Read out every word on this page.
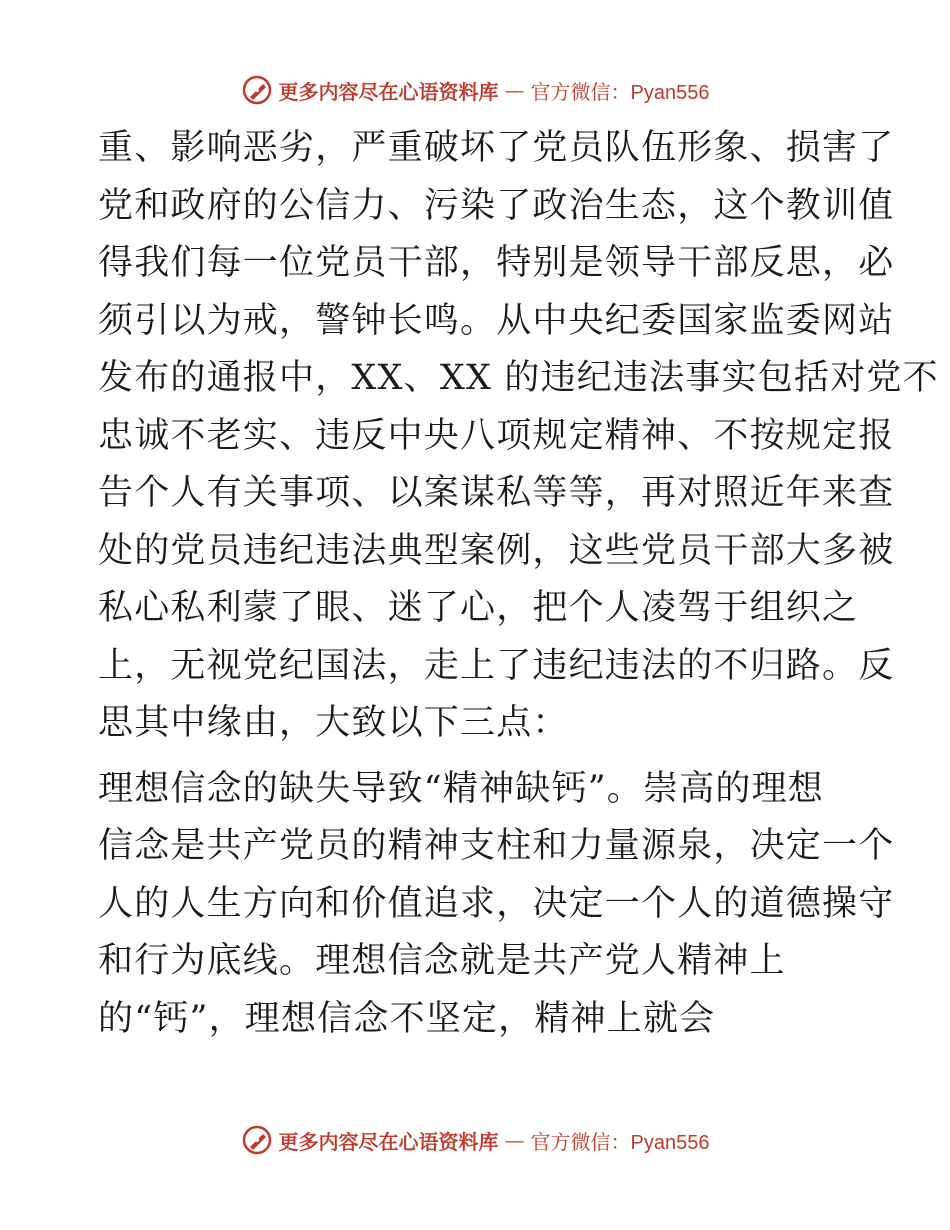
更多内容尽在心语资料库 — 官方微信：Pyan556
重、影响恶劣，严重破坏了党员队伍形象、损害了
党和政府的公信力、污染了政治生态，这个教训值
得我们每一位党员干部，特别是领导干部反思，必
须引以为戒，警钟长鸣。从中央纪委国家监委网站
发布的通报中，XX、XX 的违纪违法事实包括对党不
忠诚不老实、违反中央八项规定精神、不按规定报
告个人有关事项、以案谋私等等，再对照近年来查
处的党员违纪违法典型案例，这些党员干部大多被
私心私利蒙了眼、迷了心，把个人凌驾于组织之
上，无视党纪国法，走上了违纪违法的不归路。反
思其中缘由，大致以下三点：
理想信念的缺失导致“精神缺钙”。崇高的理想
信念是共产党员的精神支柱和力量源泉，决定一个
人的人生方向和价值追求，决定一个人的道德操守
和行为底线。理想信念就是共产党人精神上
的“钙”，理想信念不坚定，精神上就会
更多内容尽在心语资料库 — 官方微信：Pyan556
